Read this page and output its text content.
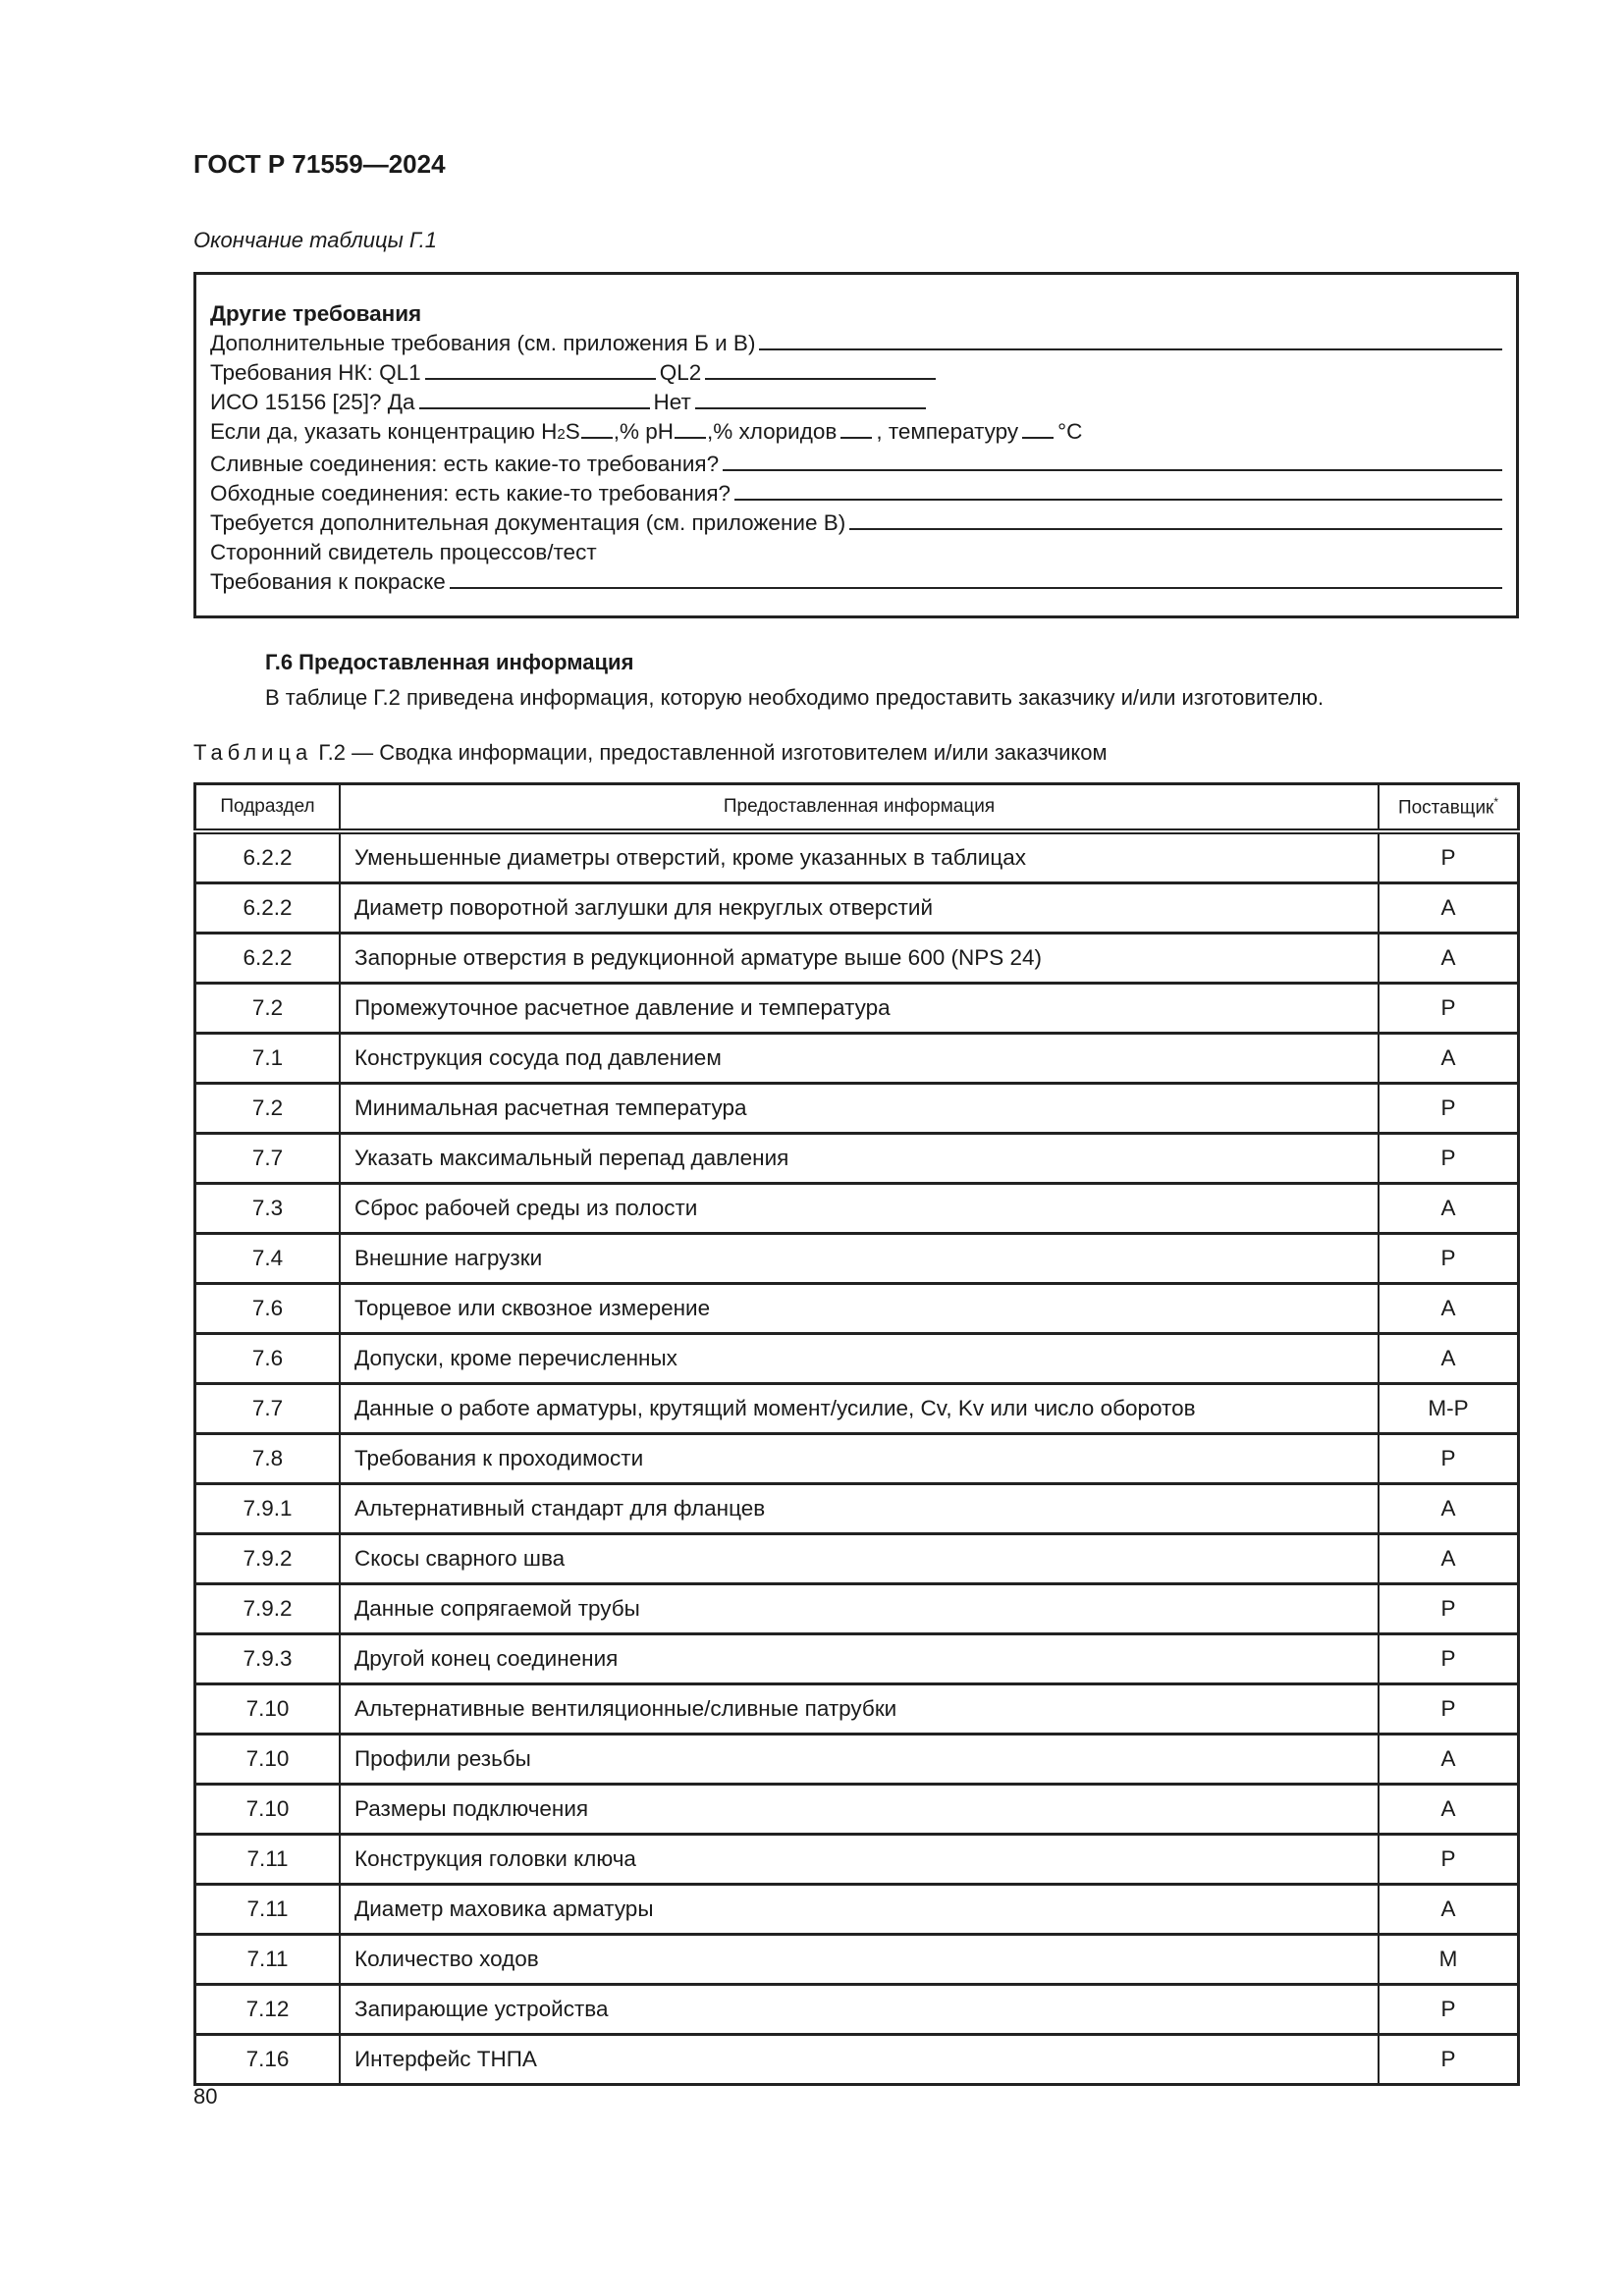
ГОСТ Р 71559—2024
Окончание таблицы Г.1
Другие требования
Дополнительные требования (см. приложения Б и В)
Требования НК: QL1	QL2
ИСО 15156 [25]? Да	Нет
Если да, указать концентрацию H 2 S ,% pH ,% хлоридов , температуру °C
Сливные соединения: есть какие-то требования?
Обходные соединения: есть какие-то требования?
Требуется дополнительная документация (см. приложение В)
Сторонний свидетель процессов/тест
Требования к покраске
Г.6 Предоставленная информация
В таблице Г.2 приведена информация, которую необходимо предоставить заказчику и/или изготовителю.
Таблица Г.2 — Сводка информации, предоставленной изготовителем и/или заказчиком
Подраздел	Предоставленная информация	Поставщик*
6.2.2	Уменьшенные диаметры отверстий, кроме указанных в таблицах	P
6.2.2	Диаметр поворотной заглушки для некруглых отверстий	A
6.2.2	Запорные отверстия в редукционной арматуре выше 600 (NPS 24)	A
7.2	Промежуточное расчетное давление и температура	P
7.1	Конструкция сосуда под давлением	A
7.2	Минимальная расчетная температура	P
7.7	Указать максимальный перепад давления	P
7.3	Сброс рабочей среды из полости	A
7.4	Внешние нагрузки	P
7.6	Торцевое или сквозное измерение	A
7.6	Допуски, кроме перечисленных	A
7.7	Данные о работе арматуры, крутящий момент/усилие, Cv, Kv или число оборотов	M-P
7.8	Требования к проходимости	P
7.9.1	Альтернативный стандарт для фланцев	A
7.9.2	Скосы сварного шва	A
7.9.2	Данные сопрягаемой трубы	P
7.9.3	Другой конец соединения	P
7.10	Альтернативные вентиляционные/сливные патрубки	P
7.10	Профили резьбы	A
7.10	Размеры подключения	A
7.11	Конструкция головки ключа	P
7.11	Диаметр маховика арматуры	A
7.11	Количество ходов	M
7.12	Запирающие устройства	P
7.16	Интерфейс ТНПА	P
80
